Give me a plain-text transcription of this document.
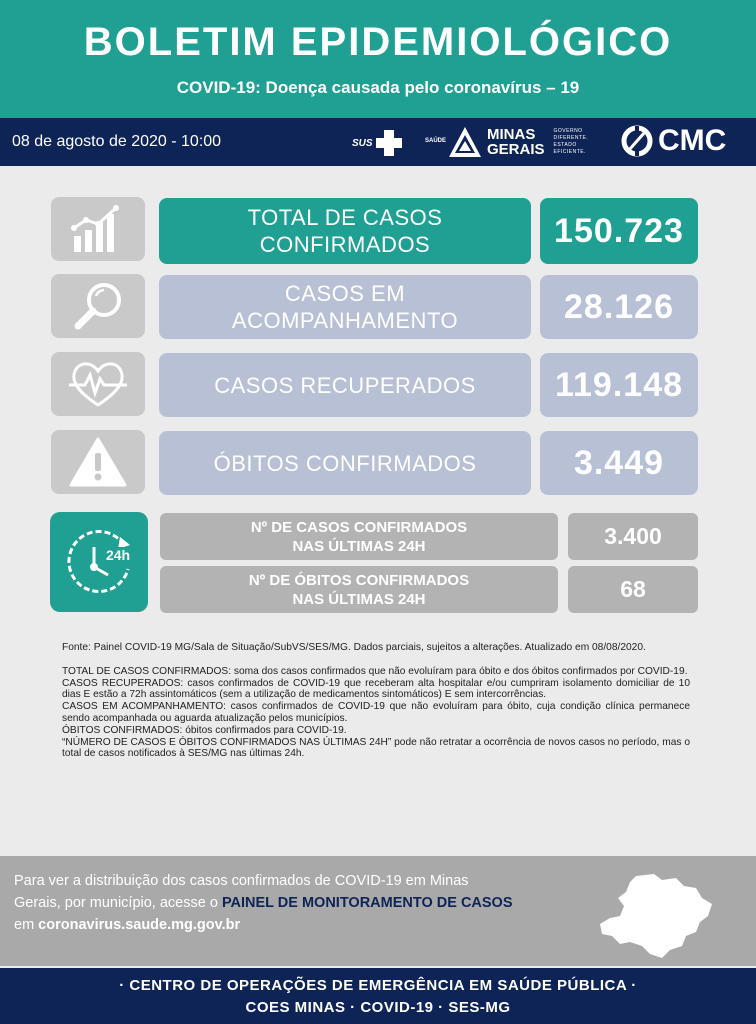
BOLETIM EPIDEMIOLÓGICO
COVID-19: Doença causada pelo coronavírus – 19
08 de agosto de 2020 - 10:00	SUS	SAÚDE	MINAS
GERAIS
GOVERNO
DIFERENTE.
ESTADO
EFICIENTE. CMC
TOTAL DE CASOS
CONFIRMADOS	150.723
CASOS EM
ACOMPANHAMENTO	28.126
CASOS RECUPERADOS	119.148
ÓBITOS CONFIRMADOS	3.449
24h
Nº DE CASOS CONFIRMADOS
NAS ÚLTIMAS 24H	3.400
Nº DE ÓBITOS CONFIRMADOS
NAS ÚLTIMAS 24H	68

Fonte: Painel COVID-19 MG/Sala de Situação/SubVS/SES/MG. Dados parciais, sujeitos a alterações. Atualizado em 08/08/2020.

TOTAL DE CASOS CONFIRMADOS: soma dos casos confirmados que não evoluíram para óbito e dos óbitos confirmados por COVID-19.

CASOS RECUPERADOS: casos confirmados de COVID-19 que receberam alta hospitalar e/ou cumpriram isolamento domiciliar de 10 dias E estão a 72h assintomáticos (sem a utilização de medicamentos sintomáticos) E sem intercorrências.

CASOS EM ACOMPANHAMENTO: casos confirmados de COVID-19 que não evoluíram para óbito, cuja condição clínica permanece sendo acompanhada ou aguarda atualização pelos municípios.

ÓBITOS CONFIRMADOS: óbitos confirmados para COVID-19.

“NÚMERO DE CASOS E ÓBITOS CONFIRMADOS NAS ÚLTIMAS 24H” pode não retratar a ocorrência de novos casos no período, mas o total de casos notificados à SES/MG nas últimas 24h.

Para ver a distribuição dos casos confirmados de COVID-19 em Minas
Gerais, por município, acesse o PAINEL DE MONITORAMENTO DE CASOS
em coronavirus.saude.mg.gov.br
· CENTRO DE OPERAÇÕES DE EMERGÊNCIA EM SAÚDE PÚBLICA ·
COES MINAS · COVID-19 · SES-MG
